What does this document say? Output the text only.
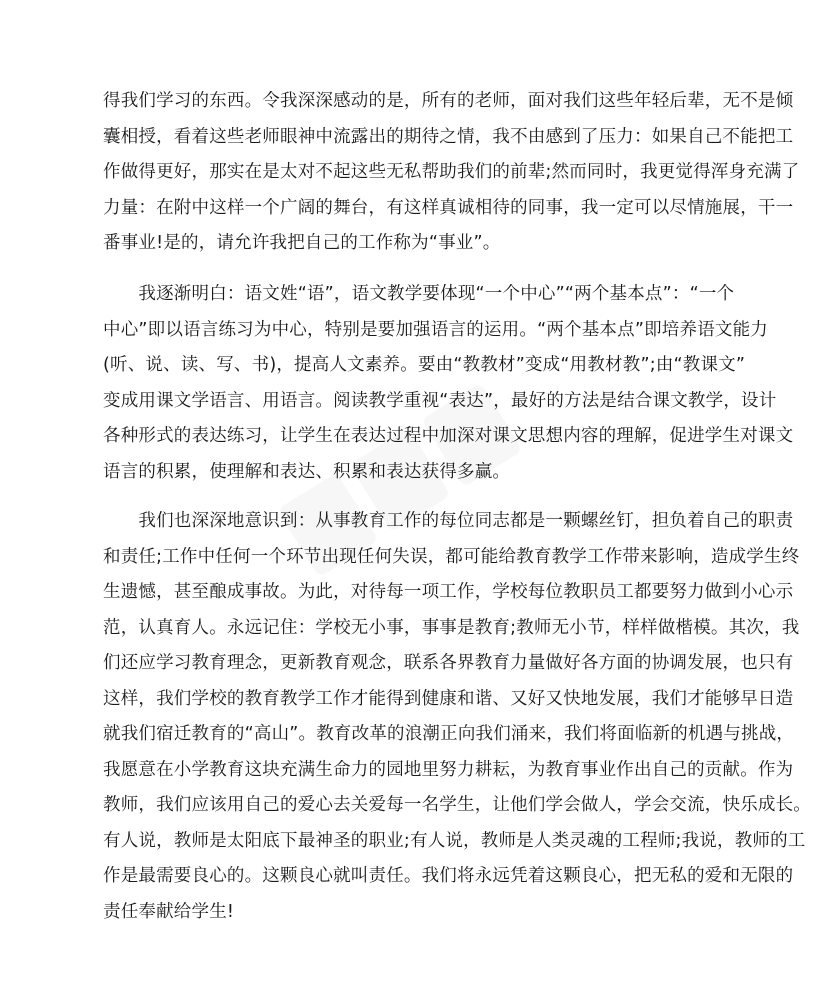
得我们学习的东西。令我深深感动的是，所有的老师，面对我们这些年轻后辈，无不是倾
囊相授，看着这些老师眼神中流露出的期待之情，我不由感到了压力：如果自己不能把工
作做得更好，那实在是太对不起这些无私帮助我们的前辈;然而同时，我更觉得浑身充满了
力量：在附中这样一个广阔的舞台，有这样真诚相待的同事，我一定可以尽情施展，干一
番事业!是的，请允许我把自己的工作称为“事业”。
　　我逐渐明白：语文姓“语”，语文教学要体现“一个中心”“两个基本点”：“一个
中心”即以语言练习为中心，特别是要加强语言的运用。“两个基本点”即培养语文能力
(听、说、读、写、书)，提高人文素养。要由“教教材”变成“用教材教”;由“教课文”
变成用课文学语言、用语言。阅读教学重视“表达”，最好的方法是结合课文教学，设计
各种形式的表达练习，让学生在表达过程中加深对课文思想内容的理解，促进学生对课文
语言的积累，使理解和表达、积累和表达获得多赢。
　　我们也深深地意识到：从事教育工作的每位同志都是一颗螺丝钉，担负着自己的职责
和责任;工作中任何一个环节出现任何失误，都可能给教育教学工作带来影响，造成学生终
生遗憾，甚至酿成事故。为此，对待每一项工作，学校每位教职员工都要努力做到小心示
范，认真育人。永远记住：学校无小事，事事是教育;教师无小节，样样做楷模。其次，我
们还应学习教育理念，更新教育观念，联系各界教育力量做好各方面的协调发展，也只有
这样，我们学校的教育教学工作才能得到健康和谐、又好又快地发展，我们才能够早日造
就我们宿迁教育的“高山”。教育改革的浪潮正向我们涌来，我们将面临新的机遇与挑战，
我愿意在小学教育这块充满生命力的园地里努力耕耘，为教育事业作出自己的贡献。作为
教师，我们应该用自己的爱心去关爱每一名学生，让他们学会做人，学会交流，快乐成长。
有人说，教师是太阳底下最神圣的职业;有人说，教师是人类灵魂的工程师;我说，教师的工
作是最需要良心的。这颗良心就叫责任。我们将永远凭着这颗良心，把无私的爱和无限的
责任奉献给学生!
